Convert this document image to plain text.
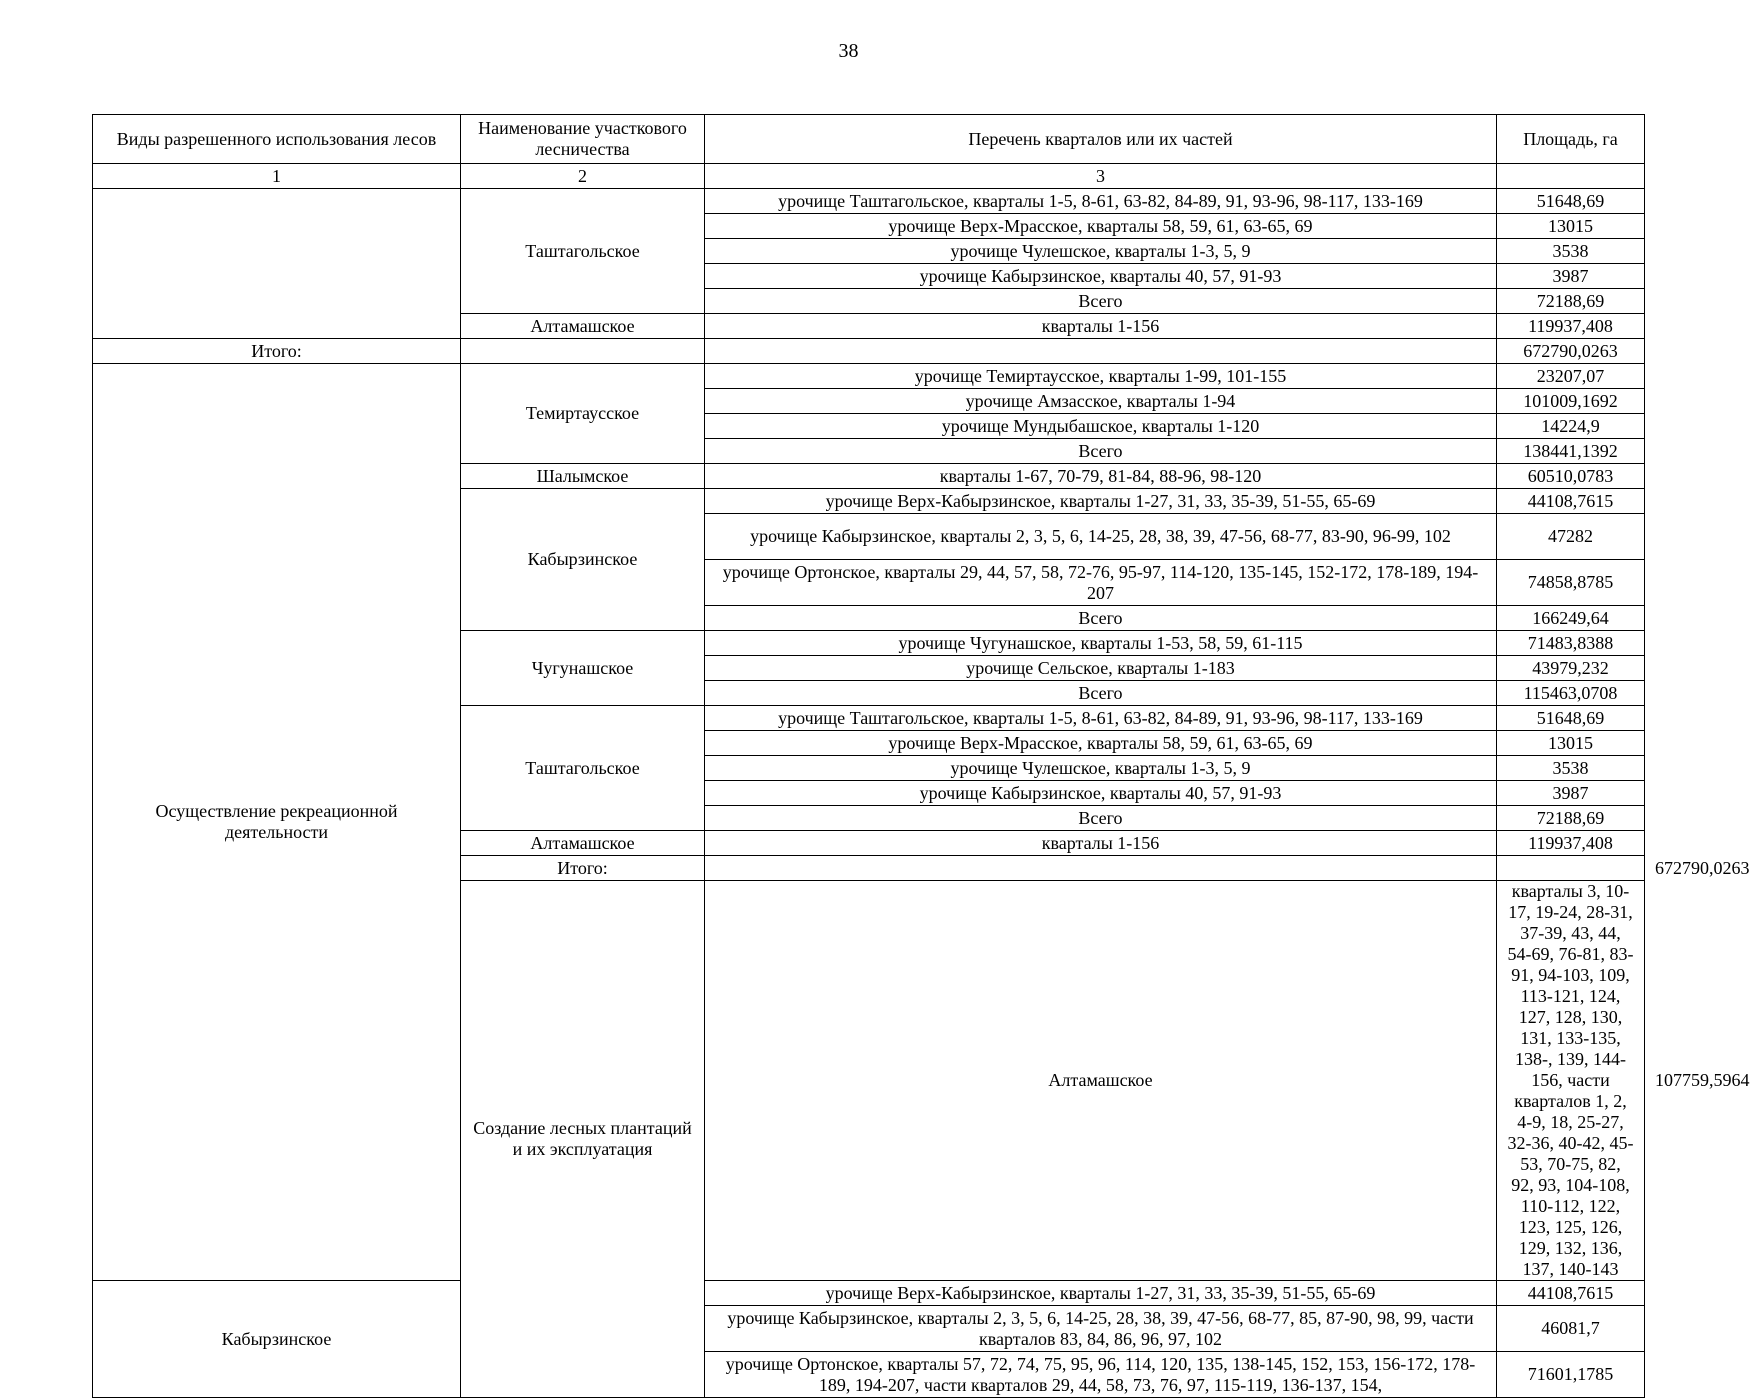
38
Виды разрешенного использования лесов	Наименование участкового лесничества	Перечень кварталов или их частей	Площадь, га	
1	2	3		
	Таштагольское	урочище Таштагольское, кварталы 1-5, 8-61, 63-82, 84-89, 91, 93-96, 98-117, 133-169	51648,69	
		урочище Верх-Мрасское, кварталы 58, 59, 61, 63-65, 69	13015	
		урочище Чулешское, кварталы 1-3, 5, 9	3538	
		урочище Кабырзинское, кварталы 40, 57, 91-93	3987	
		Всего	72188,69	
	Алтамашское	кварталы 1-156	119937,408	
Итого:			672790,0263	
Осуществление рекреационной деятельности	Темиртаусское	урочище Темиртаусское, кварталы 1-99, 101-155	23207,07	
		урочище Амзасское, кварталы 1-94	101009,1692	
		урочище Мундыбашское, кварталы 1-120	14224,9	
		Всего	138441,1392	
	Шалымское	кварталы 1-67, 70-79, 81-84, 88-96, 98-120	60510,0783	
	Кабырзинское	урочище Верх-Кабырзинское, кварталы 1-27, 31, 33, 35-39, 51-55, 65-69	44108,7615	
		урочище Кабырзинское, кварталы 2, 3, 5, 6, 14-25, 28, 38, 39, 47-56, 68-77, 83-90, 96-99, 102	47282	
		урочище Ортонское, кварталы 29, 44, 57, 58, 72-76, 95-97, 114-120, 135-145, 152-172, 178-189, 194-207	74858,8785	
		Всего	166249,64	
	Чугунашское	урочище Чугунашское, кварталы 1-53, 58, 59, 61-115	71483,8388	
		урочище Сельское, кварталы 1-183	43979,232	
		Всего	115463,0708	
	Таштагольское	урочище Таштагольское, кварталы 1-5, 8-61, 63-82, 84-89, 91, 93-96, 98-117, 133-169	51648,69	
		урочище Верх-Мрасское, кварталы 58, 59, 61, 63-65, 69	13015	
		урочище Чулешское, кварталы 1-3, 5, 9	3538	
		урочище Кабырзинское, кварталы 40, 57, 91-93	3987	
		Всего	72188,69	
	Алтамашское	кварталы 1-156	119937,408	
	Итого:			672790,0263
	Создание лесных плантаций и их эксплуатация	Алтамашское	кварталы 3, 10-17, 19-24, 28-31, 37-39, 43, 44, 54-69, 76-81, 83-91, 94-103, 109, 113-121, 124, 127, 128, 130, 131, 133-135, 138-, 139, 144-156, части кварталов 1, 2, 4-9, 18, 25-27, 32-36, 40-42, 45-53, 70-75, 82, 92, 93, 104-108, 110-112, 122, 123, 125, 126, 129, 132, 136, 137, 140-143	107759,5964
Кабырзинское		урочище Верх-Кабырзинское, кварталы 1-27, 31, 33, 35-39, 51-55, 65-69	44108,7615	
		урочище Кабырзинское, кварталы 2, 3, 5, 6, 14-25, 28, 38, 39, 47-56, 68-77, 85, 87-90, 98, 99, части кварталов 83, 84, 86, 96, 97, 102	46081,7	
		урочище Ортонское, кварталы 57, 72, 74, 75, 95, 96, 114, 120, 135, 138-145, 152, 153, 156-172, 178-189, 194-207, части кварталов 29, 44, 58, 73, 76, 97, 115-119, 136-137, 154,	71601,1785	
